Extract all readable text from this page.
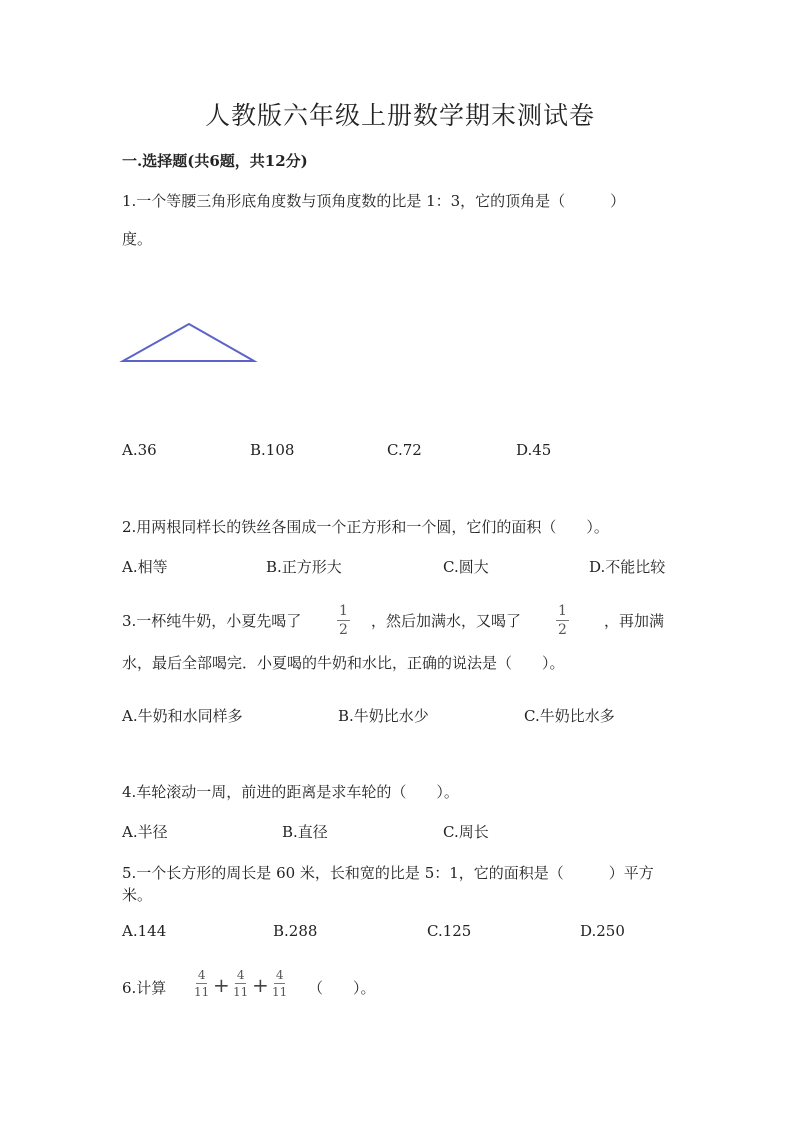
人教版六年级上册数学期末测试卷
一.选择题(共6题，共12分)
1.一个等腰三角形底角度数与顶角度数的比是 1：3，它的顶角是（　　　）
度。
A.36	B.108	C.72	D.45
2.用两根同样长的铁丝各围成一个正方形和一个圆，它们的面积（　　）。
A.相等	B.正方形大	C.圆大	D.不能比较
3.一杯纯牛奶，小夏先喝了	$\frac{1}{2}$ ，然后加满水，又喝了 $\frac{1}{2}$ ，再加满
水，最后全部喝完．小夏喝的牛奶和水比，正确的说法是（　　）。
A.牛奶和水同样多	B.牛奶比水少	C.牛奶比水多
4.车轮滚动一周，前进的距离是求车轮的（　　）。
A.半径	B.直径	C.周长
5.一个长方形的周长是 60 米，长和宽的比是 5：1，它的面积是（　　　）平方
米。
A.144	B.288	C.125	D.250
6.计算 $\frac{4}{11} + \frac{4}{11} + \frac{4}{11}$ （　　）。
